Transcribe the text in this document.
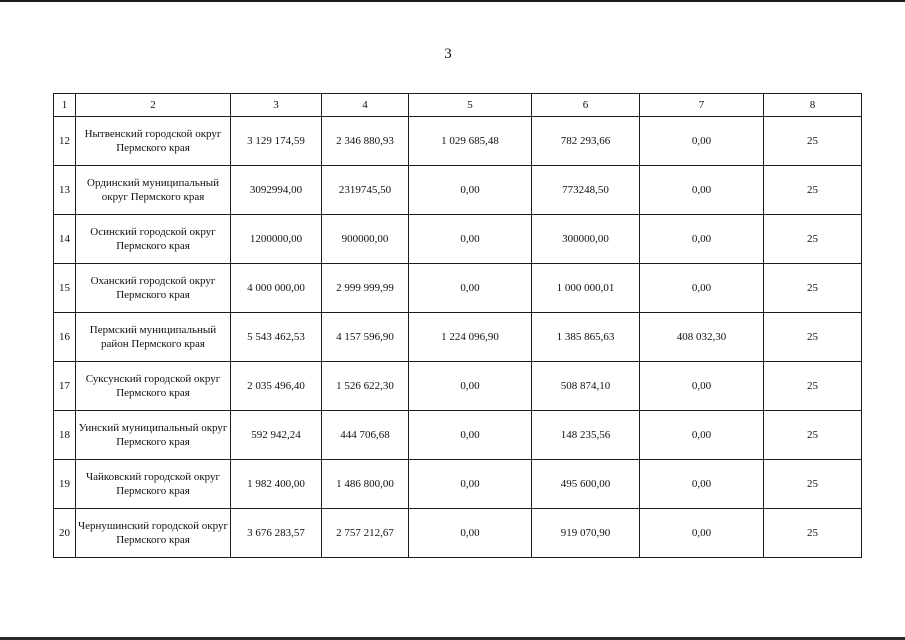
3
1	2	3	4	5	6	7	8
12	Нытвенский городской округ Пермского края	3 129 174,59	2 346 880,93	1 029 685,48	782 293,66	0,00	25
13	Ординский муниципальный округ Пермского края	3092994,00	2319745,50	0,00	773248,50	0,00	25
14	Осинский городской округ Пермского края	1200000,00	900000,00	0,00	300000,00	0,00	25
15	Оханский городской округ Пермского края	4 000 000,00	2 999 999,99	0,00	1 000 000,01	0,00	25
16	Пермский муниципальный район Пермского края	5 543 462,53	4 157 596,90	1 224 096,90	1 385 865,63	408 032,30	25
17	Суксунский городской округ Пермского края	2 035 496,40	1 526 622,30	0,00	508 874,10	0,00	25
18	Уинский муниципальный округ Пермского края	592 942,24	444 706,68	0,00	148 235,56	0,00	25
19	Чайковский городской округ Пермского края	1 982 400,00	1 486 800,00	0,00	495 600,00	0,00	25
20	Чернушинский городской округ Пермского края	3 676 283,57	2 757 212,67	0,00	919 070,90	0,00	25
